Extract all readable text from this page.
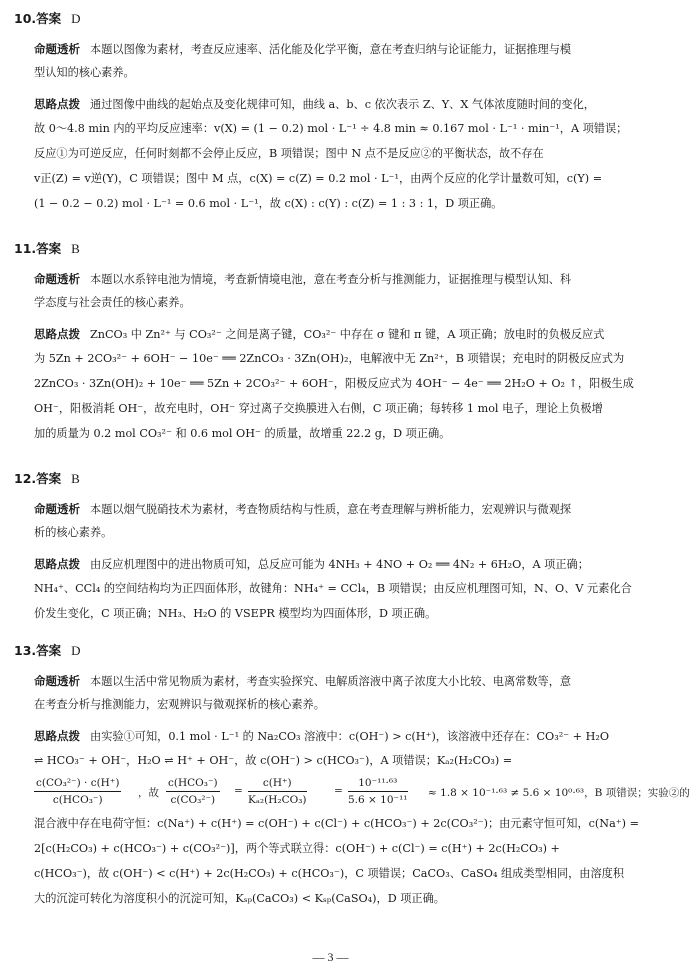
10.答案 D
命题透析 本题以图像为素材，考查反应速率、活化能及化学平衡，意在考查归纳与论证能力，证据推理与模
型认知的核心素养。
思路点拨 通过图像中曲线的起始点及变化规律可知，曲线 a、b、c 依次表示 Z、Y、X 气体浓度随时间的变化，
故 0～4.8 min 内的平均反应速率：v(X) = (1 − 0.2) mol · L⁻¹ ÷ 4.8 min ≈ 0.167 mol · L⁻¹ · min⁻¹，A 项错误；
反应①为可逆反应，任何时刻都不会停止反应，B 项错误；图中 N 点不是反应②的平衡状态，故不存在
v正(Z) = v逆(Y)，C 项错误；图中 M 点，c(X) = c(Z) = 0.2 mol · L⁻¹，由两个反应的化学计量数可知，c(Y) =
(1 − 0.2 − 0.2) mol · L⁻¹ = 0.6 mol · L⁻¹，故 c(X) : c(Y) : c(Z) = 1 : 3 : 1，D 项正确。
11.答案 B
命题透析 本题以水系锌电池为情境，考查新情境电池，意在考查分析与推测能力，证据推理与模型认知、科
学态度与社会责任的核心素养。
思路点拨 ZnCO₃ 中 Zn²⁺ 与 CO₃²⁻ 之间是离子键，CO₃²⁻ 中存在 σ 键和 π 键，A 项正确；放电时的负极反应式
为 5Zn + 2CO₃²⁻ + 6OH⁻ − 10e⁻ ══ 2ZnCO₃ · 3Zn(OH)₂，电解液中无 Zn²⁺，B 项错误；充电时的阴极反应式为
2ZnCO₃ · 3Zn(OH)₂ + 10e⁻ ══ 5Zn + 2CO₃²⁻ + 6OH⁻，阳极反应式为 4OH⁻ − 4e⁻ ══ 2H₂O + O₂ ↑，阳极生成
OH⁻，阳极消耗 OH⁻，故充电时，OH⁻ 穿过离子交换膜进入右侧，C 项正确；每转移 1 mol 电子，理论上负极增
加的质量为 0.2 mol CO₃²⁻ 和 0.6 mol OH⁻ 的质量，故增重 22.2 g，D 项正确。
12.答案 B
命题透析 本题以烟气脱硝技术为素材，考查物质结构与性质，意在考查理解与辨析能力，宏观辨识与微观探
析的核心素养。
思路点拨 由反应机理图中的进出物质可知，总反应可能为 4NH₃ + 4NO + O₂ ══ 4N₂ + 6H₂O，A 项正确；
NH₄⁺、CCl₄ 的空间结构均为正四面体形，故键角：NH₄⁺ = CCl₄，B 项错误；由反应机理图可知，N、O、V 元素化合
价发生变化，C 项正确；NH₃、H₂O 的 VSEPR 模型均为四面体形，D 项正确。
13.答案 D
命题透析 本题以生活中常见物质为素材，考查实验探究、电解质溶液中离子浓度大小比较、电离常数等，意
在考查分析与推测能力，宏观辨识与微观探析的核心素养。
思路点拨 由实验①可知，0.1 mol · L⁻¹ 的 Na₂CO₃ 溶液中：c(OH⁻) > c(H⁺)，该溶液中还存在：CO₃²⁻ + H₂O
⇌ HCO₃⁻ + OH⁻，H₂O ⇌ H⁺ + OH⁻，故 c(OH⁻) > c(HCO₃⁻)，A 项错误；Kₐ₂(H₂CO₃) =
c(CO₃²⁻) · c(H⁺)
c(HCO₃⁻)
，故
c(HCO₃⁻)
c(CO₃²⁻)
= $\frac{c(H^+)}{\text{Kₐ₂(H₂CO₃)}}$	= $\frac{\text{10⁻¹¹·⁶³}}{\text{5.6 × 10⁻¹¹}} \approx 1.8 \times 10^{-1}\cdot^{63} \ne 5.6 \times 10^0\cdot^{63}$，B 项错误；实验②的
混合液中存在电荷守恒：c(Na⁺) + c(H⁺) = c(OH⁻) + c(Cl⁻) + c(HCO₃⁻) + 2c(CO₃²⁻)；由元素守恒可知，c(Na⁺) =
2[c(H₂CO₃) + c(HCO₃⁻) + c(CO₃²⁻)]，两个等式联立得：c(OH⁻) + c(Cl⁻) = c(H⁺) + 2c(H₂CO₃) +
c(HCO₃⁻)，故 c(OH⁻) < c(H⁺) + 2c(H₂CO₃) + c(HCO₃⁻)，C 项错误；CaCO₃、CaSO₄ 组成类型相同，由溶度积
大的沉淀可转化为溶度积小的沉淀可知，Kₛₚ(CaCO₃) < Kₛₚ(CaSO₄)，D 项正确。
— 3 —
